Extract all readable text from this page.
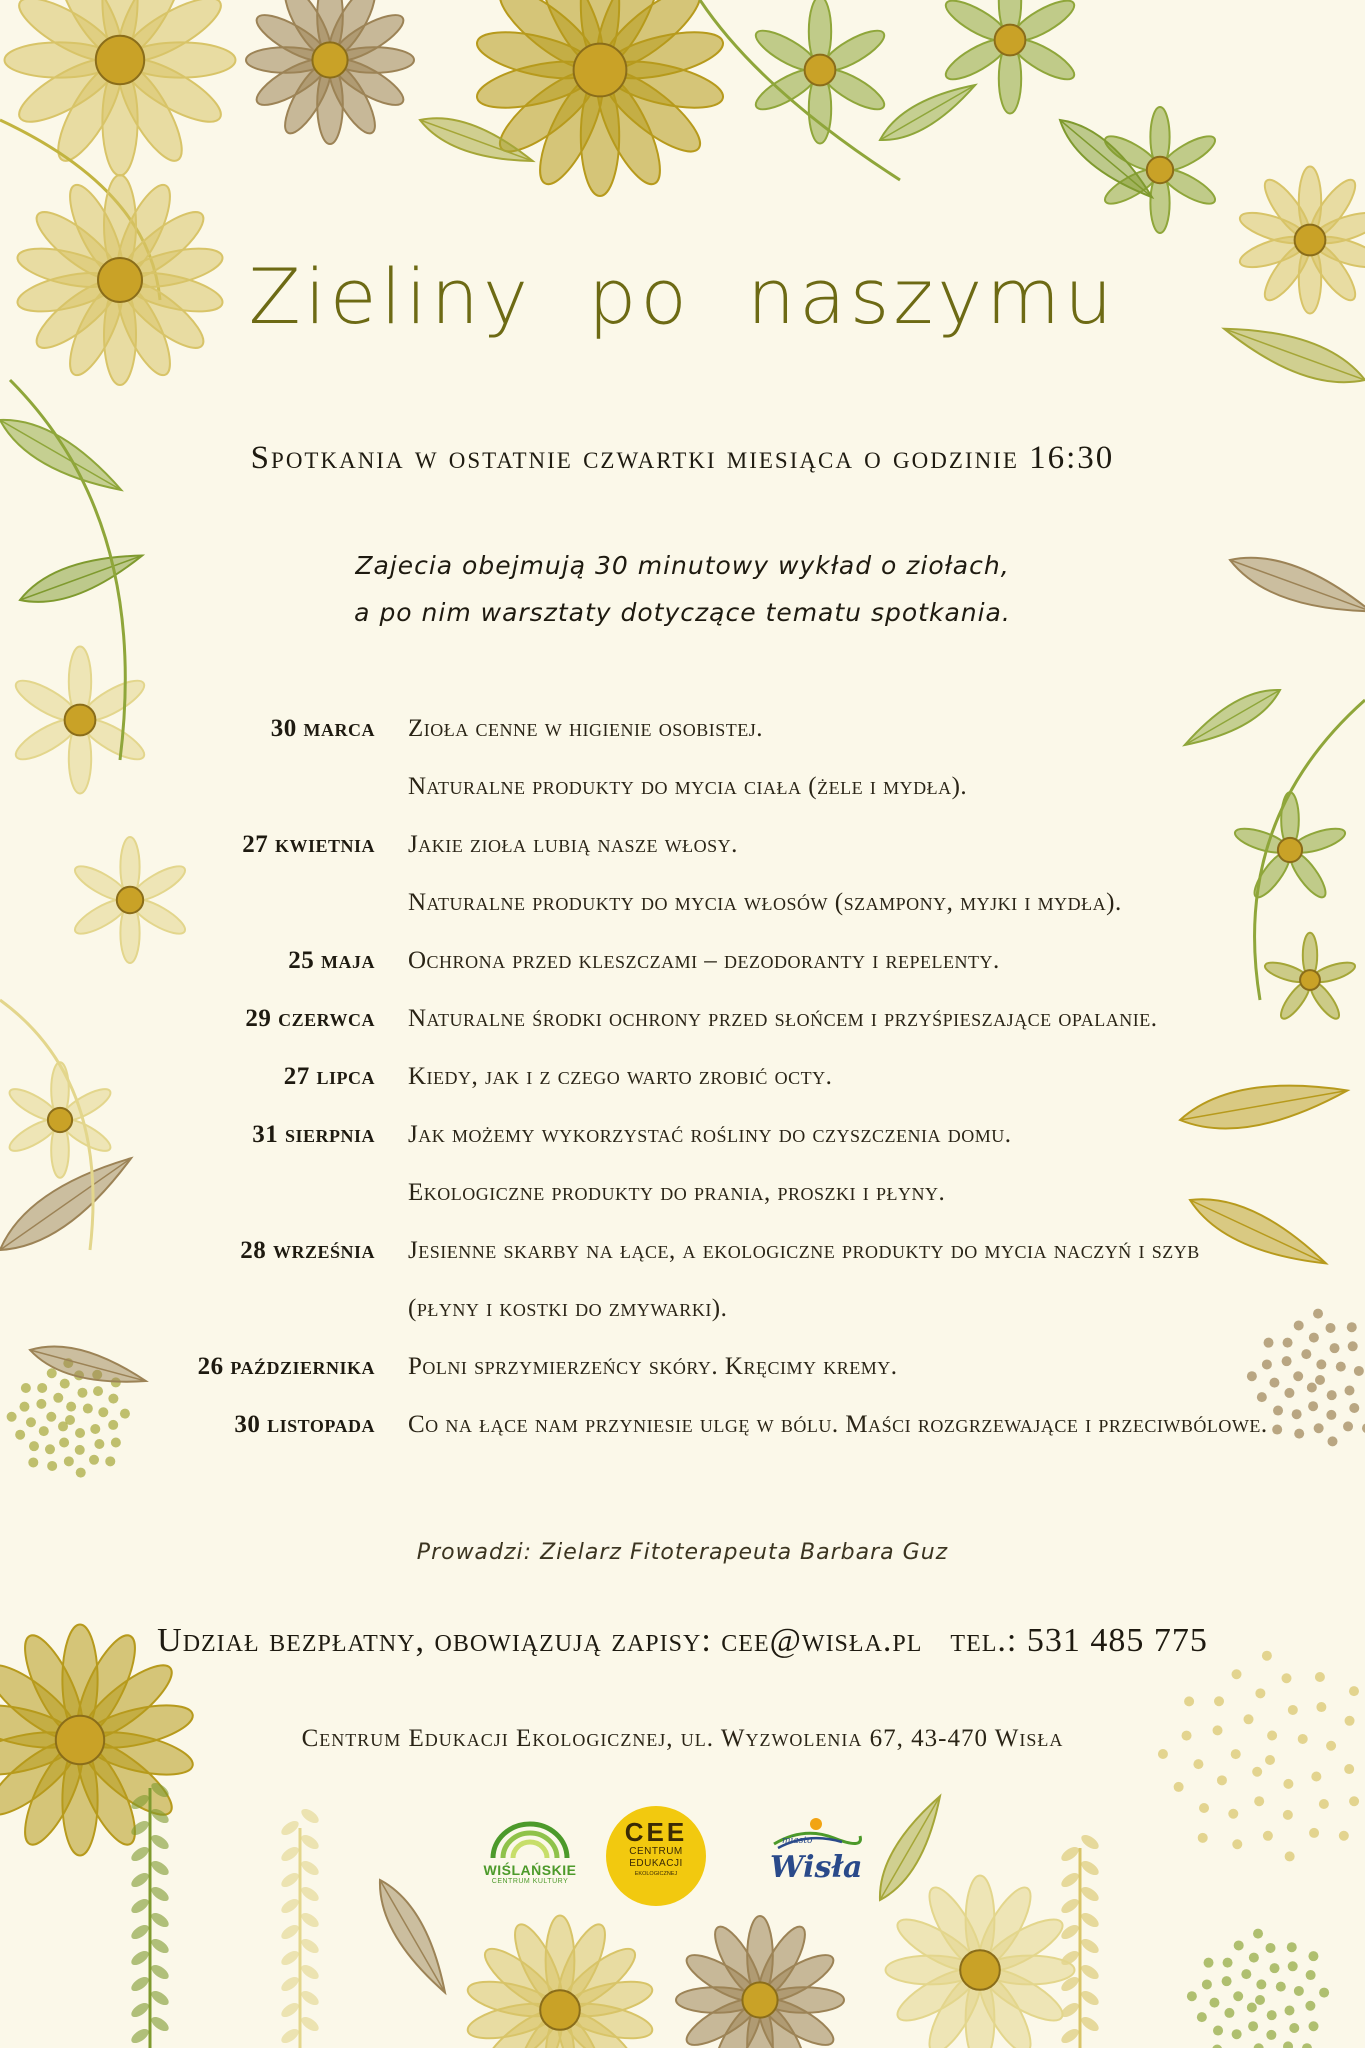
Zieliny po naszymu
Spotkania w ostatnie czwartki miesiąca o godzinie 16:30
Zajecia obejmują 30 minutowy wykład o ziołach,
a po nim warsztaty dotyczące tematu spotkania.
30 marca Zioła cenne w higienie osobistej.
Naturalne produkty do mycia ciała (żele i mydła).
27 kwietnia Jakie zioła lubią nasze włosy.
Naturalne produkty do mycia włosów (szampony, myjki i mydła).
25 maja Ochrona przed kleszczami – dezodoranty i repelenty.
29 czerwca Naturalne środki ochrony przed słońcem i przyśpieszające opalanie.
27 lipca Kiedy, jak i z czego warto zrobić octy.
31 sierpnia Jak możemy wykorzystać rośliny do czyszczenia domu.
Ekologiczne produkty do prania, proszki i płyny.
28 września Jesienne skarby na łące, a ekologiczne produkty do mycia naczyń i szyb
(płyny i kostki do zmywarki).
26 października Polni sprzymierzeńcy skóry. Kręcimy kremy.
30 listopada Co na łące nam przyniesie ulgę w bólu. Maści rozgrzewające i przeciwbólowe.
Prowadzi: Zielarz Fitoterapeuta Barbara Guz
Udział bezpłatny, obowiązują zapisy: cee@wisła.pl tel.: 531 485 775
Centrum Edukacji Ekologicznej, ul. Wyzwolenia 67, 43-470 Wisła
WIŚLAŃSKIE
CENTRUM KULTURY
CEE
CENTRUM
EDUKACJI
EKOLOGICZNEJ
miasto
Wisła
